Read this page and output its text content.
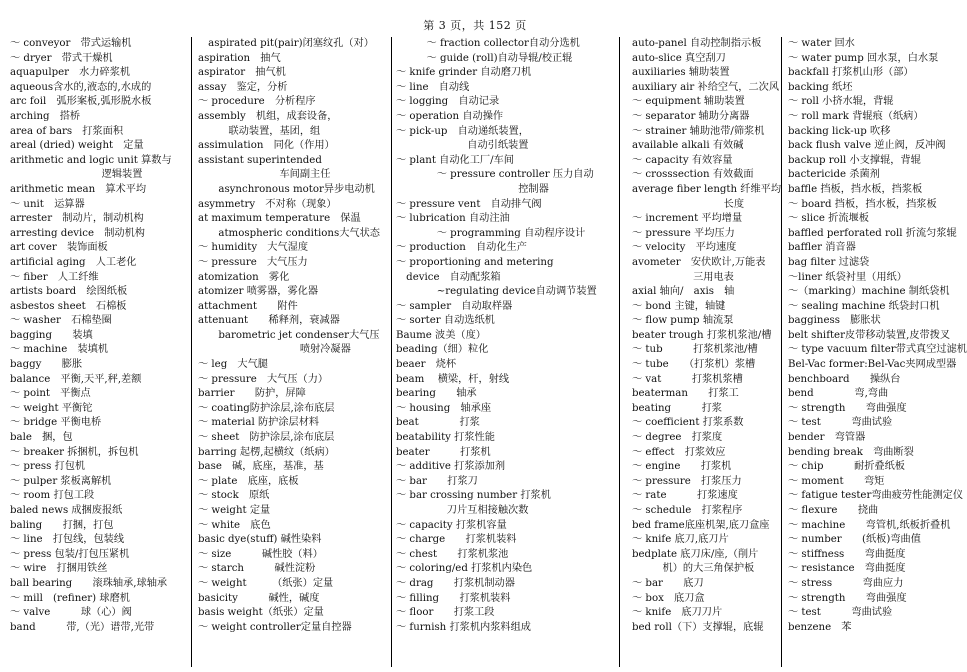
第 3 页，共 152 页
～ conveyor　带式运输机
～ dryer　带式干燥机
aquapulper　水力碎浆机
aqueous含水的,液态的,水成的
arc foil　弧形案板,弧形脱水板
arching　搭桥
area of bars　打浆面积
areal (dried) weight　定量
arithmetic and logic unit 算数与
　　　　　　　　　逻辑装置
arithmetic mean　算术平均
～ unit　运算器
arrester　制动片，制动机构
arresting device　制动机构
art cover　装饰面板
artificial aging　人工老化
～ fiber　人工纤维
artists board　绘图纸板
asbestos sheet　石棉板
～ washer　石棉垫圈
bagging　　装填
～ machine　装填机
baggy　　膨胀
balance　平衡,天平,秤,差额
～ point　平衡点
～ weight 平衡铊
～ bridge 平衡电桥
bale　捆，包
～ breaker 拆捆机，拆包机
～ press 打包机
～ pulper 浆板离解机
～ room 打包工段
baled news 成捆废报纸
baling　　打捆，打包
～ line　打包线，包装线
～ press 包装/打包压紧机
～ wire　打捆用铁丝
ball bearing　　滚珠轴承,球轴承
～ mill　(refiner) 球磨机
～ valve　　　球（心）阀
band　　　带,（光）谱带,光带
　aspirated pit(pair)闭塞纹孔（对）
aspiration　抽气
aspirator　抽气机
assay　鉴定，分析
～ procedure　分析程序
assembly　机组，成套设备，
　　　联动装置，基团，组
assimulation　同化（作用）
assistant superintended
　　　　　　　　车间副主任
　　asynchronous motor异步电动机
asymmetry　不对称（现象）
at maximum temperature　保温
　　atmospheric conditions大气状态
～ humidity　大气湿度
～ pressure　大气压力
atomization　雾化
atomizer 喷雾器，雾化器
attachment　　附件
attenuant　　稀释剂，衰减器
　　barometric jet condenser大气压
　　　　　　　　　　喷射冷凝器
～ leg　大气腿
～ pressure　大气压（力）
barrier　　防护，屏障
～ coating防护涂层,涂布底层
～ material 防护涂层材料
～ sheet　防护涂层,涂布底层
barring 起楞,起横纹（纸病）
base　碱，底座，基准，基
～ plate　底座，底板
～ stock　原纸
～ weight 定量
～ white　底色
basic dye(stuff) 碱性染料
～ size　　　碱性胶（料）
～ starch　　　碱性淀粉
～ weight　　　（纸张）定量
basicity　　　碱性，碱度
basis weight（纸张）定量
～ weight controller定量自控器
　　　～ fraction collector自动分选机
　　　～ guide (roll)自动导辊/校正辊
～ knife grinder 自动磨刀机
～ line　自动线
～ logging　自动记录
～ operation 自动操作
～ pick-up　自动递纸装置，
　　　　　　　自动引纸装置
～ plant 自动化工厂/车间
　　　　～ pressure controller 压力自动
　　　　　　　　　　　　控制器
～ pressure vent　自动排气阀
～ lubrication 自动注油
　　　　～ programming 自动程序设计
～ production　自动化生产
～ proportioning and metering
　device　自动配浆箱
　　　　~regulating device自动调节装置
～ sampler　自动取样器
～ sorter 自动选纸机
Baume 波美（度）
beading（细）粒化
beaer　烧杯
beam　 横梁，杆，射线
bearing　　轴承
～ housing　轴承座
beat　　　　打浆
beatability 打浆性能
beater　　　打浆机
～ additive 打浆添加剂
～ bar　　打浆刀
～ bar crossing number 打浆机
　　　　　刀片互相接触次数
～ capacity 打浆机容量
～ charge　　打浆机装料
～ chest　　打浆机浆池
～ coloring/ed 打浆机内染色
～ drag　　打浆机制动器
～ filling　　打浆机装料
～ floor　　打浆工段
～ furnish 打浆机内浆料组成
auto-panel 自动控制指示板
auto-slice 真空刮刀
auxiliaries 辅助装置
auxiliary air 补给空气，二次风
～ equipment 辅助装置
～ separator 辅助分离器
～ strainer 辅助池带/筛浆机
available alkali 有效碱
～ capacity 有效容量
～ crosssection 有效截面
average fiber length 纤维平均
　　　　　　　　　长度
～ increment 平均增量
～ pressure 平均压力
～ velocity　平均速度
avometer　安伏欧计,万能表
　　　　　　三用电表
axial 轴向/　axis　轴
～ bond 主键，轴键
～ flow pump 轴流泵
beater trough 打浆机浆池/槽
～ tub　　　打浆机浆池/槽
～ tube　　（打浆机）浆槽
～ vat　　　打浆机浆槽
beaterman　　打浆工
beating　　　打浆
～ coefficient 打浆系数
～ degree　打浆度
～ effect　打浆效应
～ engine　　打浆机
～ pressure　打浆压力
～ rate　　　打浆速度
～ schedule　打浆程序
bed frame底座机架,底刀盒座
～ knife 底刀,底刀片
bedplate 底刀床/座,（削片
　　　机）的大三角保护板
～ bar　　底刀
～ box　底刀盒
～ knife　底刀刀片
bed roll（下）支撑辊，底辊
～ water 回水
～ water pump 回水泵，白水泵
backfall 打浆机山形（部）
backing 纸坯
～ roll 小挤水辊，背辊
～ roll mark 背辊痕（纸病）
backing lick-up 吹移
back flush valve 逆止阀，反冲阀
backup roll 小支撑辊，背辊
bactericide 杀菌剂
baffle 挡板，挡水板，挡浆板
～ board 挡板，挡水板，挡浆板
～ slice 折流堰板
baffled perforated roll 折流匀浆辊
baffler 消音器
bag filter 过滤袋
～liner 纸袋衬里（用纸）
～（marking）machine 制纸袋机
～ sealing machine 纸袋封口机
bagginess　膨胀状
belt shifter皮带移动装置,皮带拨叉
～ type vacuum filter带式真空过滤机
Bel-Vac former:Bel-Vac夹网成型器
benchboard　　操纵台
bend　　　　弯,弯曲
～ strength　　弯曲强度
～ test　　　弯曲试验
bender　弯管器
bending break　弯曲断裂
～ chip　　　耐折叠纸板
～ moment　　弯矩
～ fatigue tester弯曲疲劳性能测定仪
～ flexure　　挠曲
～ machine　　弯管机,纸板折叠机
～ number　　(纸板)弯曲值
～ stiffness　　弯曲挺度
～ resistance　弯曲挺度
～ stress　　　弯曲应力
～ strength　　弯曲强度
～ test　　　弯曲试验
benzene　苯
